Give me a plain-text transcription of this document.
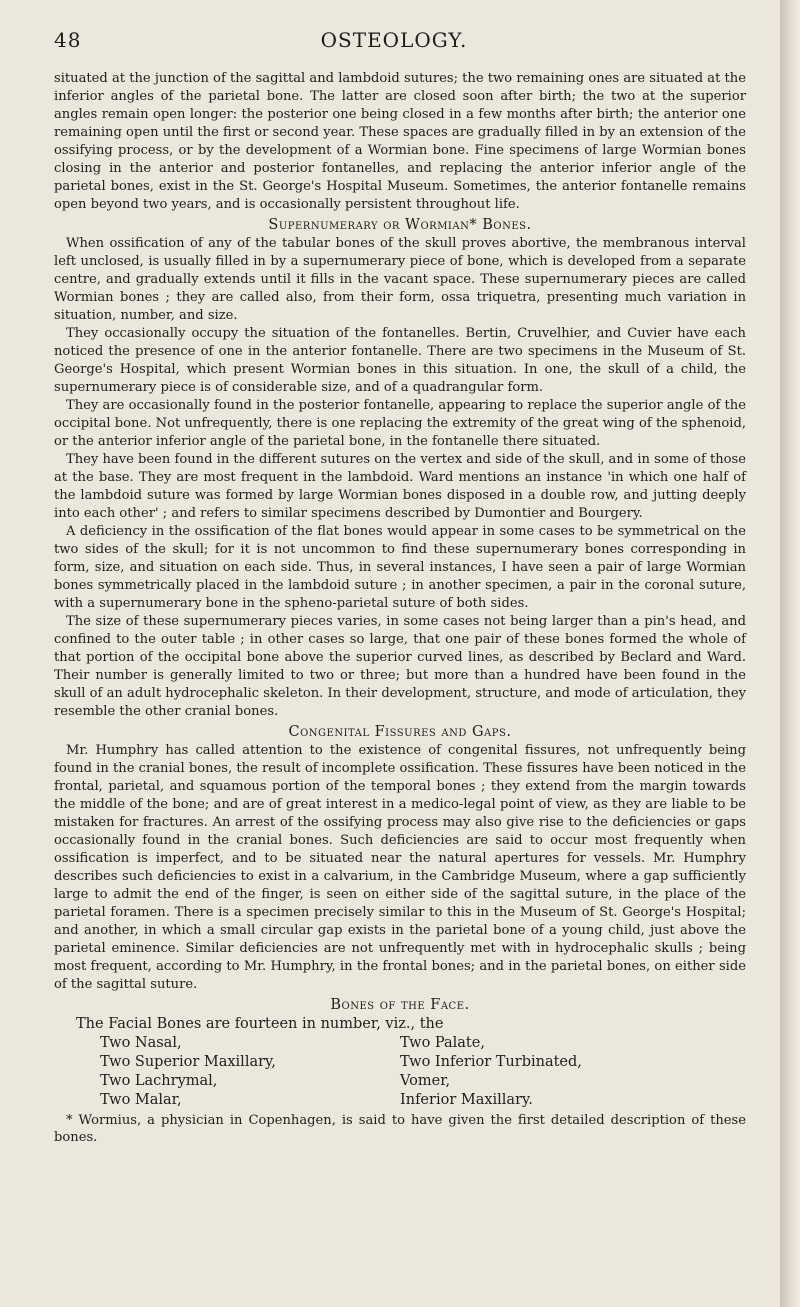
48	OSTEOLOGY.

situated at the junction of the sagittal and lambdoid sutures; the two remaining ones are situated at the inferior angles of the parietal bone. The latter are closed soon after birth; the two at the superior angles remain open longer: the posterior one being closed in a few months after birth; the anterior one remaining open until the first or second year. These spaces are gradually filled in by an extension of the ossifying process, or by the development of a Wormian bone. Fine specimens of large Wormian bones closing in the anterior and posterior fontanelles, and replacing the anterior inferior angle of the parietal bones, exist in the St. George's Hospital Museum. Sometimes, the anterior fontanelle remains open beyond two years, and is occasionally persistent throughout life.

Supernumerary or Wormian* Bones.

When ossification of any of the tabular bones of the skull proves abortive, the membranous interval left unclosed, is usually filled in by a supernumerary piece of bone, which is developed from a separate centre, and gradually extends until it fills in the vacant space. These supernumerary pieces are called Wormian bones ; they are called also, from their form, ossa triquetra, presenting much variation in situation, number, and size.

They occasionally occupy the situation of the fontanelles. Bertin, Cruvelhier, and Cuvier have each noticed the presence of one in the anterior fontanelle. There are two specimens in the Museum of St. George's Hospital, which present Wormian bones in this situation. In one, the skull of a child, the supernumerary piece is of considerable size, and of a quadrangular form.

They are occasionally found in the posterior fontanelle, appearing to replace the superior angle of the occipital bone. Not unfrequently, there is one replacing the extremity of the great wing of the sphenoid, or the anterior inferior angle of the parietal bone, in the fontanelle there situated.

They have been found in the different sutures on the vertex and side of the skull, and in some of those at the base. They are most frequent in the lambdoid. Ward mentions an instance 'in which one half of the lambdoid suture was formed by large Wormian bones disposed in a double row, and jutting deeply into each other' ; and refers to similar specimens described by Dumontier and Bourgery.

A deficiency in the ossification of the flat bones would appear in some cases to be symmetrical on the two sides of the skull; for it is not uncommon to find these supernumerary bones corresponding in form, size, and situation on each side. Thus, in several instances, I have seen a pair of large Wormian bones symmetrically placed in the lambdoid suture ; in another specimen, a pair in the coronal suture, with a supernumerary bone in the spheno-parietal suture of both sides.

The size of these supernumerary pieces varies, in some cases not being larger than a pin's head, and confined to the outer table ; in other cases so large, that one pair of these bones formed the whole of that portion of the occipital bone above the superior curved lines, as described by Beclard and Ward. Their number is generally limited to two or three; but more than a hundred have been found in the skull of an adult hydrocephalic skeleton. In their development, structure, and mode of articulation, they resemble the other cranial bones.

Congenital Fissures and Gaps.

Mr. Humphry has called attention to the existence of congenital fissures, not unfrequently being found in the cranial bones, the result of incomplete ossification. These fissures have been noticed in the frontal, parietal, and squamous portion of the temporal bones ; they extend from the margin towards the middle of the bone; and are of great interest in a medico-legal point of view, as they are liable to be mistaken for fractures. An arrest of the ossifying process may also give rise to the deficiencies or gaps occasionally found in the cranial bones. Such deficiencies are said to occur most frequently when ossification is imperfect, and to be situated near the natural apertures for vessels. Mr. Humphry describes such deficiencies to exist in a calvarium, in the Cambridge Museum, where a gap sufficiently large to admit the end of the finger, is seen on either side of the sagittal suture, in the place of the parietal foramen. There is a specimen precisely similar to this in the Museum of St. George's Hospital; and another, in which a small circular gap exists in the parietal bone of a young child, just above the parietal eminence. Similar deficiencies are not unfrequently met with in hydrocephalic skulls ; being most frequent, according to Mr. Humphry, in the frontal bones; and in the parietal bones, on either side of the sagittal suture.

Bones of the Face.

The Facial Bones are fourteen in number, viz., the

Two Nasal,	Two Palate,
Two Superior Maxillary,	Two Inferior Turbinated,
Two Lachrymal,	Vomer,
Two Malar,	Inferior Maxillary.

* Wormius, a physician in Copenhagen, is said to have given the first detailed description of these bones.
